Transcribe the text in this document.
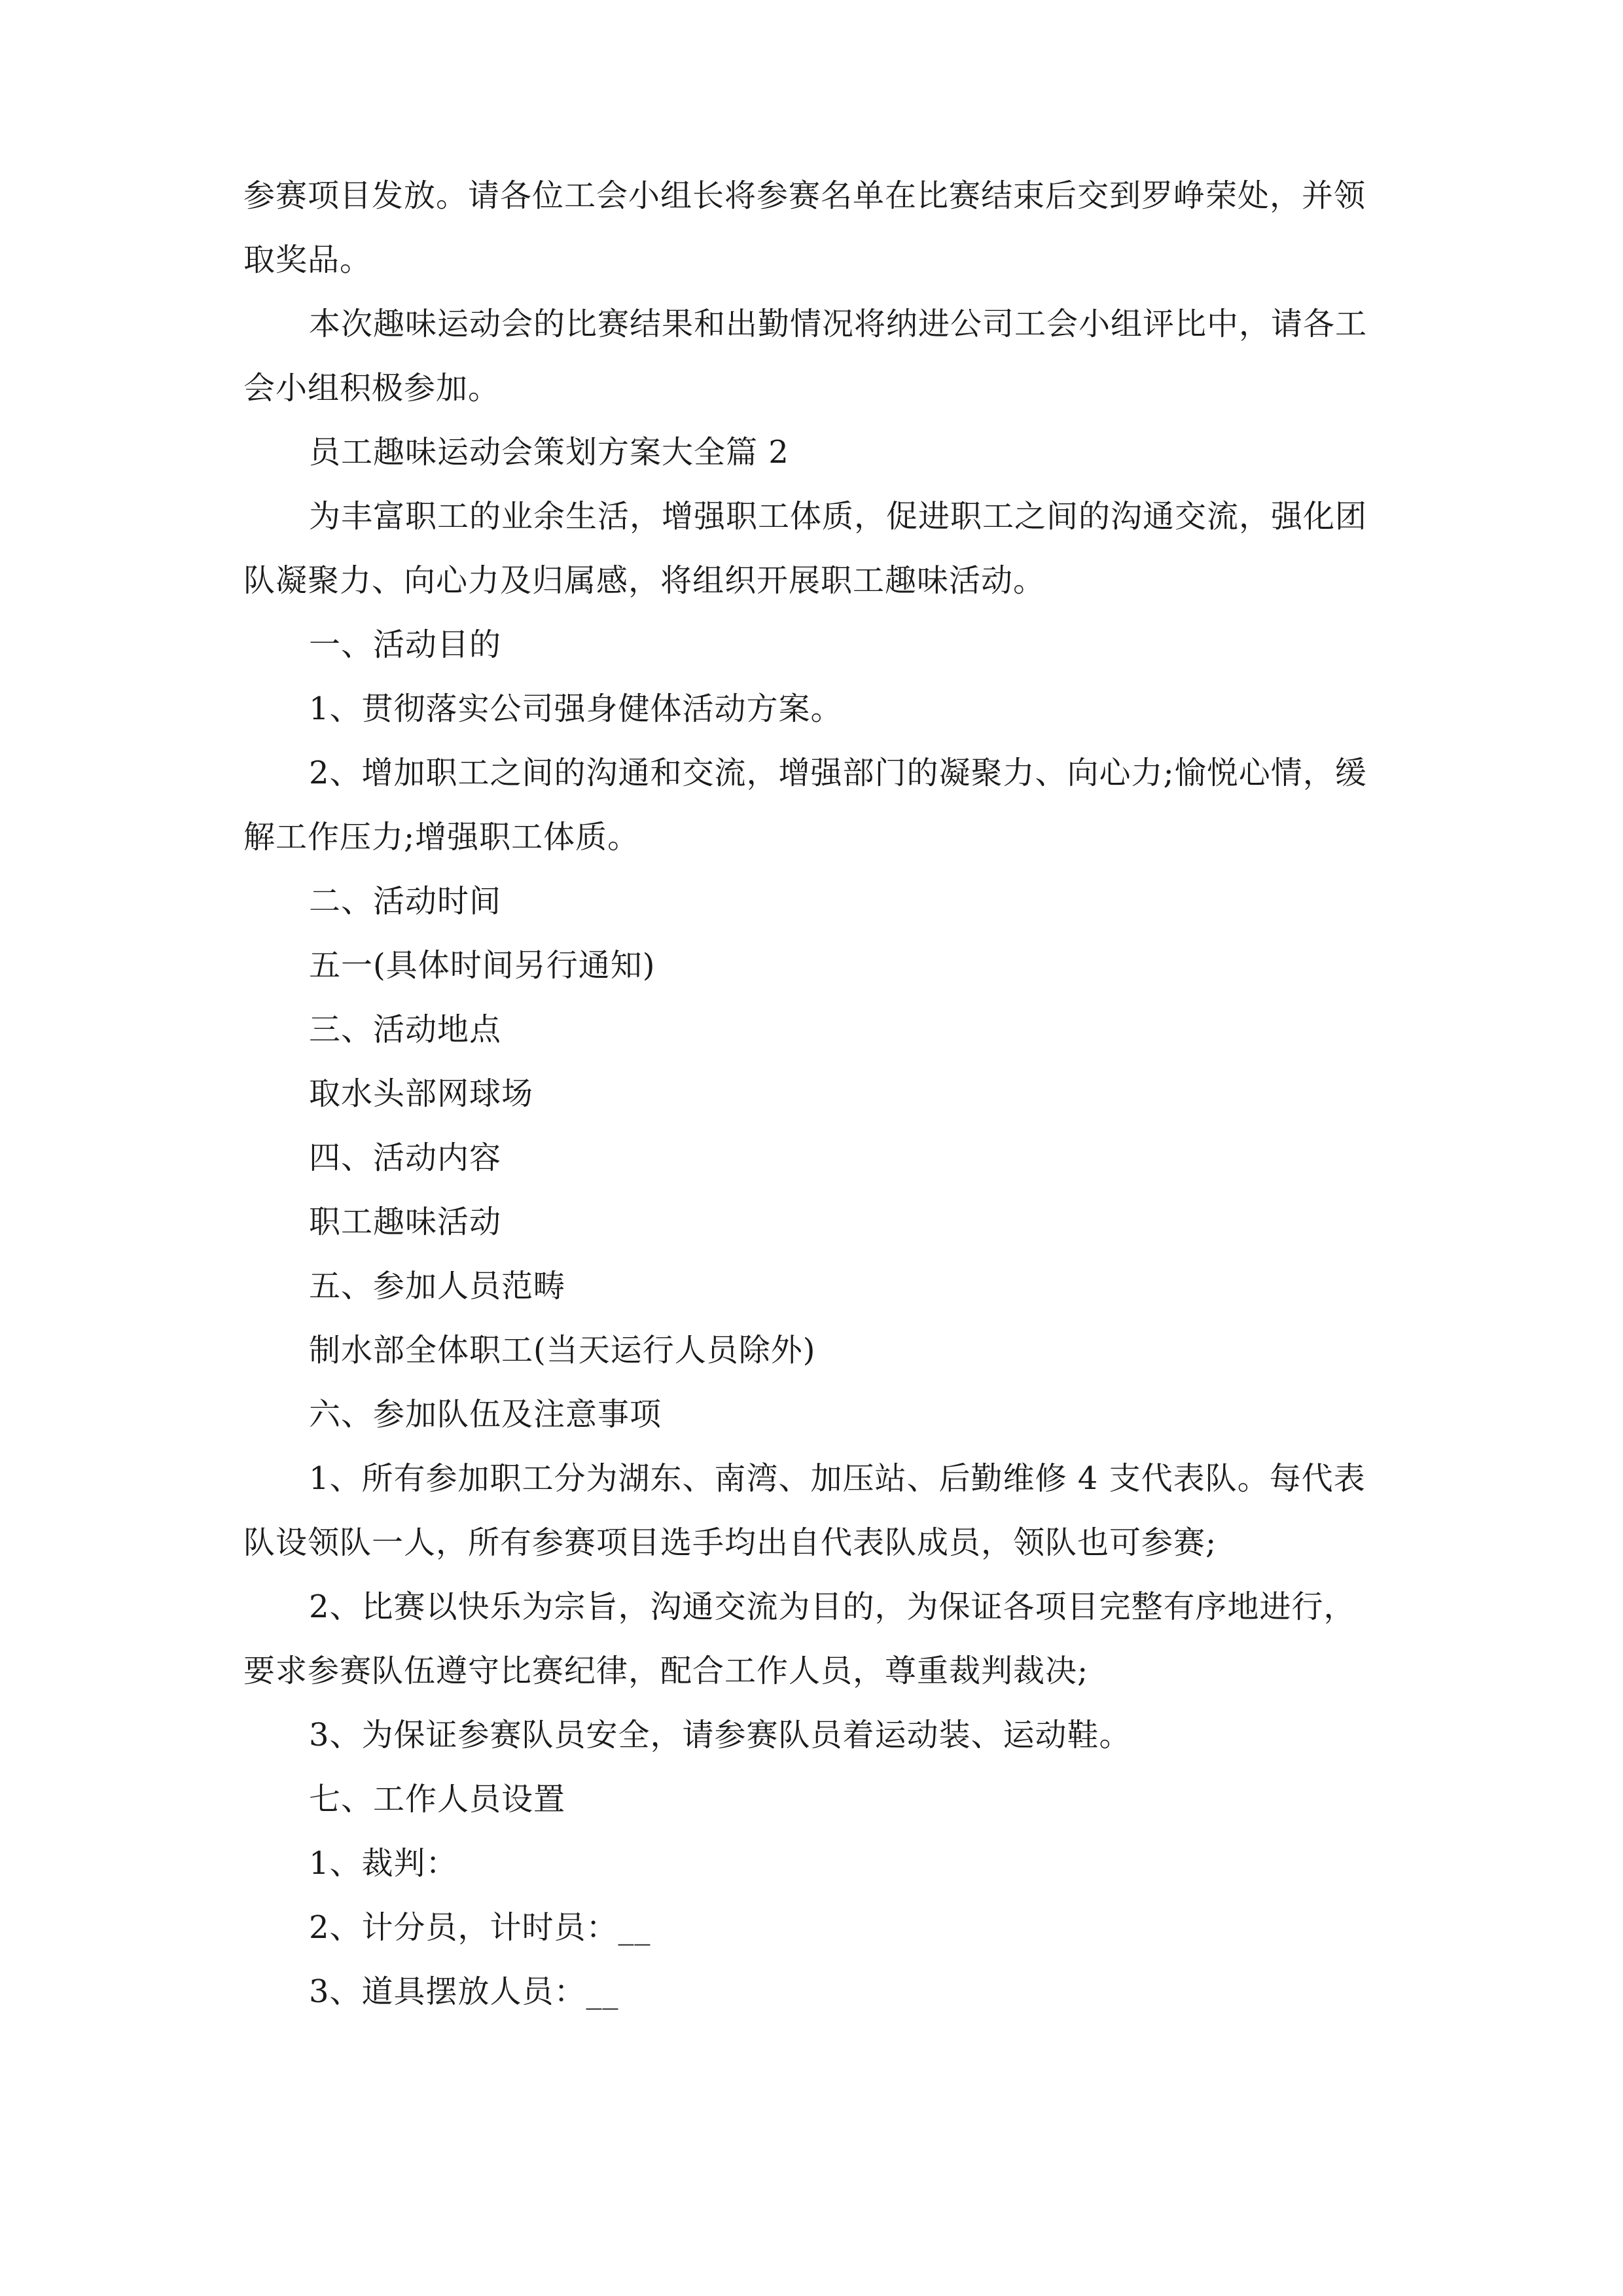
参赛项目发放。请各位工会小组长将参赛名单在比赛结束后交到罗峥荣处，并领
取奖品。
本次趣味运动会的比赛结果和出勤情况将纳进公司工会小组评比中，请各工
会小组积极参加。
员工趣味运动会策划方案大全篇 2
为丰富职工的业余生活，增强职工体质，促进职工之间的沟通交流，强化团
队凝聚力、向心力及归属感，将组织开展职工趣味活动。
一、活动目的
1、贯彻落实公司强身健体活动方案。
2、增加职工之间的沟通和交流，增强部门的凝聚力、向心力;愉悦心情，缓
解工作压力;增强职工体质。
二、活动时间
五一(具体时间另行通知)
三、活动地点
取水头部网球场
四、活动内容
职工趣味活动
五、参加人员范畴
制水部全体职工(当天运行人员除外)
六、参加队伍及注意事项
1、所有参加职工分为湖东、南湾、加压站、后勤维修 4 支代表队。每代表
队设领队一人，所有参赛项目选手均出自代表队成员，领队也可参赛;
2、比赛以快乐为宗旨，沟通交流为目的，为保证各项目完整有序地进行，
要求参赛队伍遵守比赛纪律，配合工作人员，尊重裁判裁决;
3、为保证参赛队员安全，请参赛队员着运动装、运动鞋。
七、工作人员设置
1、裁判：
2、计分员，计时员：__
3、道具摆放人员：__
